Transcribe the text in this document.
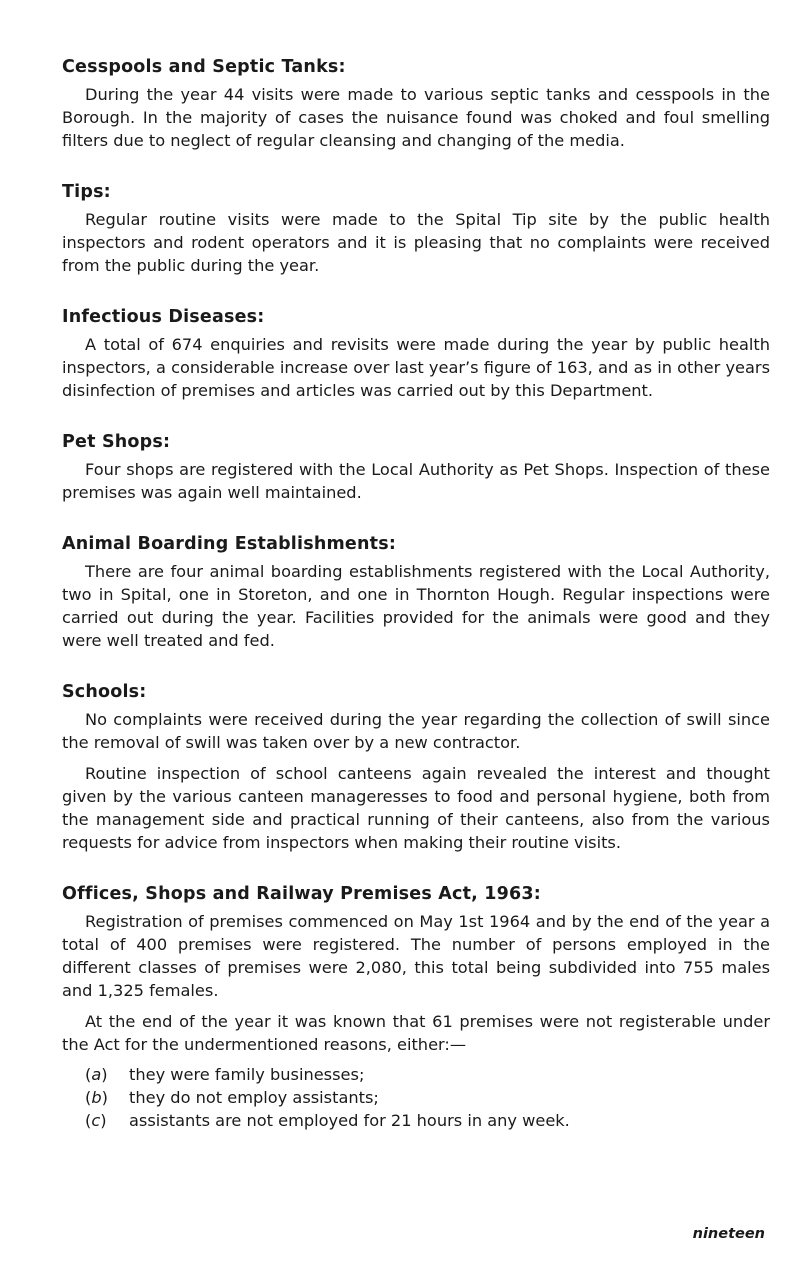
Cesspools and Septic Tanks:

During the year 44 visits were made to various septic tanks and cesspools in the Borough. In the majority of cases the nuisance found was choked and foul smelling filters due to neglect of regular cleansing and changing of the media.

Tips:

Regular routine visits were made to the Spital Tip site by the public health inspectors and rodent operators and it is pleasing that no complaints were received from the public during the year.

Infectious Diseases:

A total of 674 enquiries and revisits were made during the year by public health inspectors, a considerable increase over last year’s figure of 163, and as in other years disinfection of premises and articles was carried out by this Department.

Pet Shops:

Four shops are registered with the Local Authority as Pet Shops. Inspection of these premises was again well maintained.

Animal Boarding Establishments:

There are four animal boarding establishments registered with the Local Authority, two in Spital, one in Storeton, and one in Thornton Hough. Regular inspections were carried out during the year. Facilities provided for the animals were good and they were well treated and fed.

Schools:

No complaints were received during the year regarding the collection of swill since the removal of swill was taken over by a new contractor.

Routine inspection of school canteens again revealed the interest and thought given by the various canteen manageresses to food and personal hygiene, both from the management side and practical running of their canteens, also from the various requests for advice from inspectors when making their routine visits.

Offices, Shops and Railway Premises Act, 1963:

Registration of premises commenced on May 1st 1964 and by the end of the year a total of 400 premises were registered. The number of persons employed in the different classes of premises were 2,080, this total being subdivided into 755 males and 1,325 females.

At the end of the year it was known that 61 premises were not registerable under the Act for the undermentioned reasons, either:—

(a)	they were family businesses;
(b)	they do not employ assistants;
(c)	assistants are not employed for 21 hours in any week.
nineteen
